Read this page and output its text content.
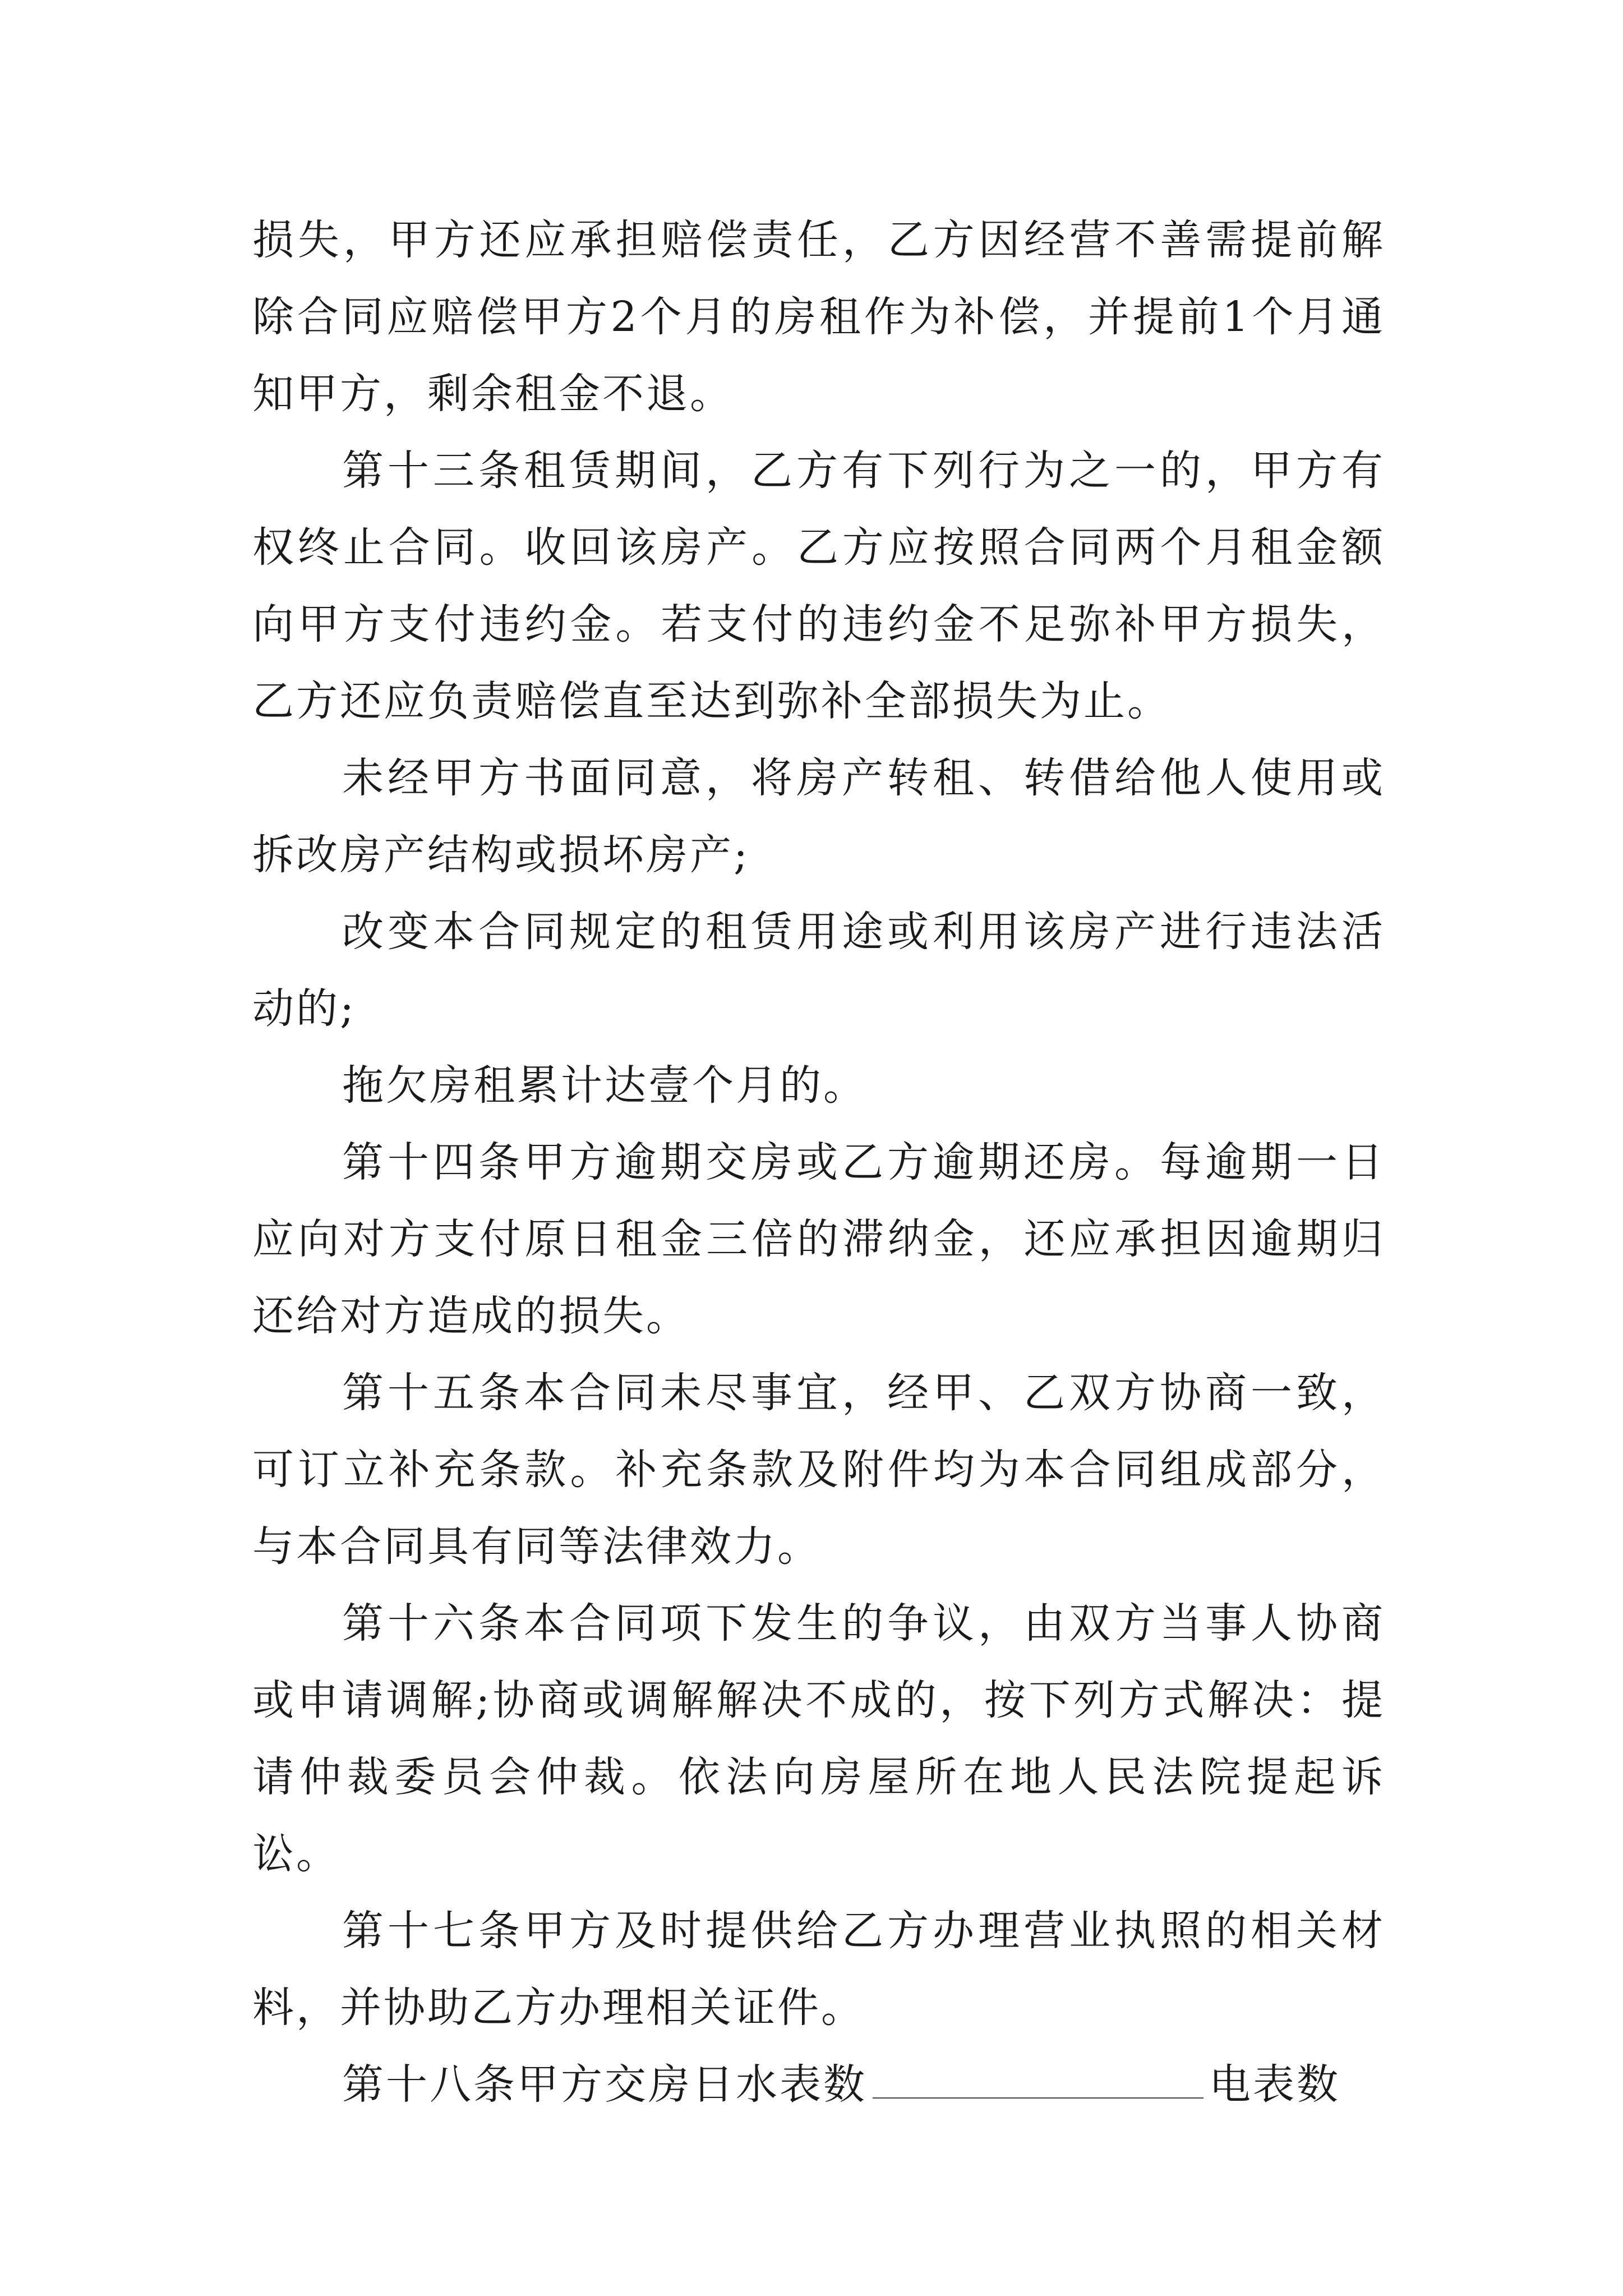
损失，甲方还应承担赔偿责任，乙方因经营不善需提前解除合同应赔偿甲方2个月的房租作为补偿，并提前1个月通知甲方，剩余租金不退。

第十三条租赁期间，乙方有下列行为之一的，甲方有权终止合同。收回该房产。乙方应按照合同两个月租金额向甲方支付违约金。若支付的违约金不足弥补甲方损失，乙方还应负责赔偿直至达到弥补全部损失为止。

未经甲方书面同意，将房产转租、转借给他人使用或拆改房产结构或损坏房产;

改变本合同规定的租赁用途或利用该房产进行违法活动的;

拖欠房租累计达壹个月的。

第十四条甲方逾期交房或乙方逾期还房。每逾期一日应向对方支付原日租金三倍的滞纳金，还应承担因逾期归还给对方造成的损失。

第十五条本合同未尽事宜，经甲、乙双方协商一致，可订立补充条款。补充条款及附件均为本合同组成部分，与本合同具有同等法律效力。

第十六条本合同项下发生的争议，由双方当事人协商或申请调解;协商或调解解决不成的，按下列方式解决：提请仲裁委员会仲裁。依法向房屋所在地人民法院提起诉讼。

第十七条甲方及时提供给乙方办理营业执照的相关材料，并协助乙方办理相关证件。

第十八条甲方交房日水表数	电表数
